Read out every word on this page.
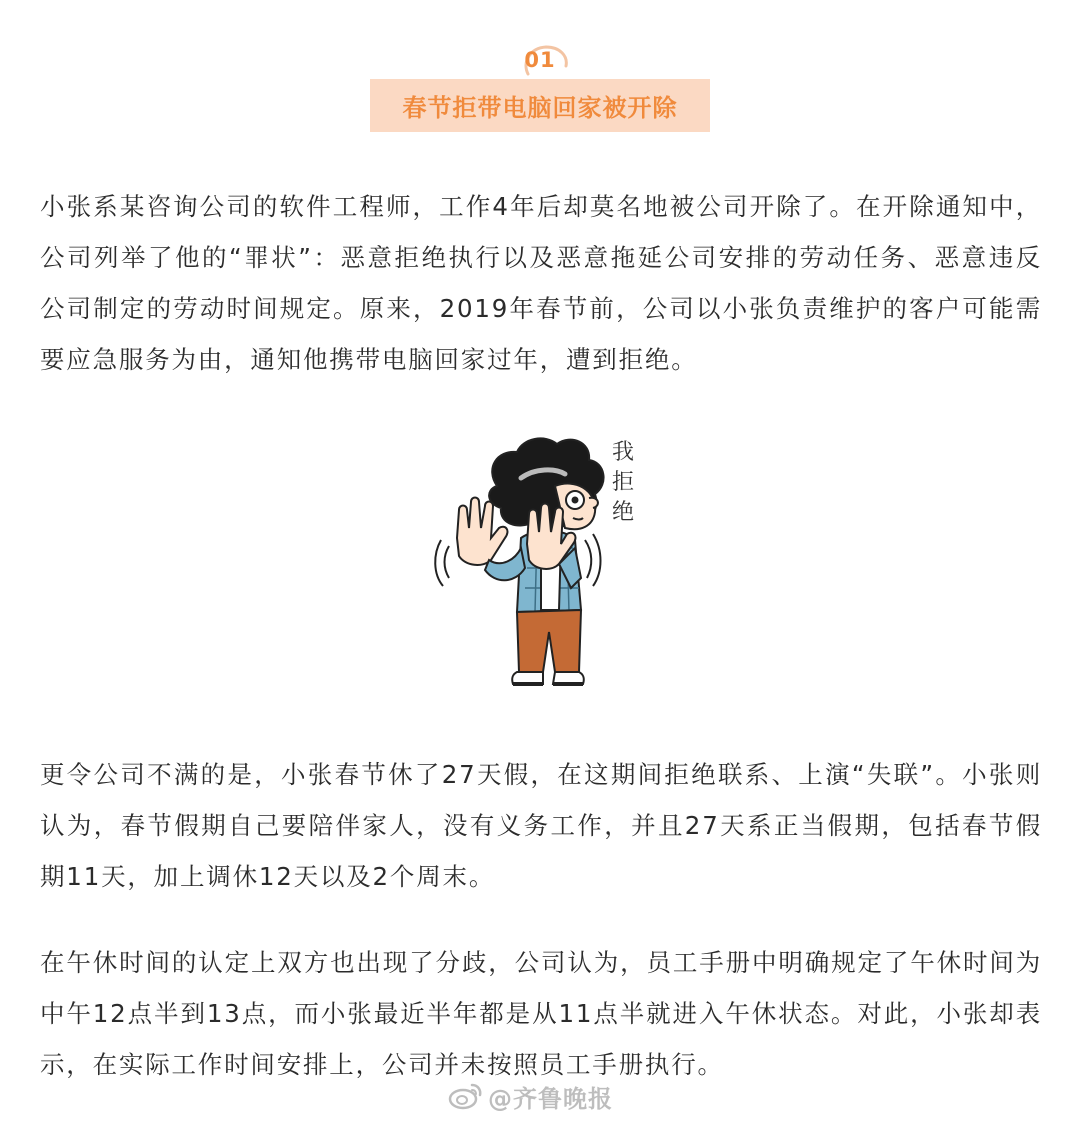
01
春节拒带电脑回家被开除

小张系某咨询公司的软件工程师，工作4年后却莫名地被公司开除了。在开除通知中，公司列举了他的“罪状”：恶意拒绝执行以及恶意拖延公司安排的劳动任务、恶意违反公司制定的劳动时间规定。原来，2019年春节前，公司以小张负责维护的客户可能需要应急服务为由，通知他携带电脑回家过年，遭到拒绝。

我
拒
绝

更令公司不满的是，小张春节休了27天假，在这期间拒绝联系、上演“失联”。小张则认为，春节假期自己要陪伴家人，没有义务工作，并且27天系正当假期，包括春节假期11天，加上调休12天以及2个周末。

在午休时间的认定上双方也出现了分歧，公司认为，员工手册中明确规定了午休时间为中午12点半到13点，而小张最近半年都是从11点半就进入午休状态。对此，小张却表示，在实际工作时间安排上，公司并未按照员工手册执行。

@齐鲁晚报
